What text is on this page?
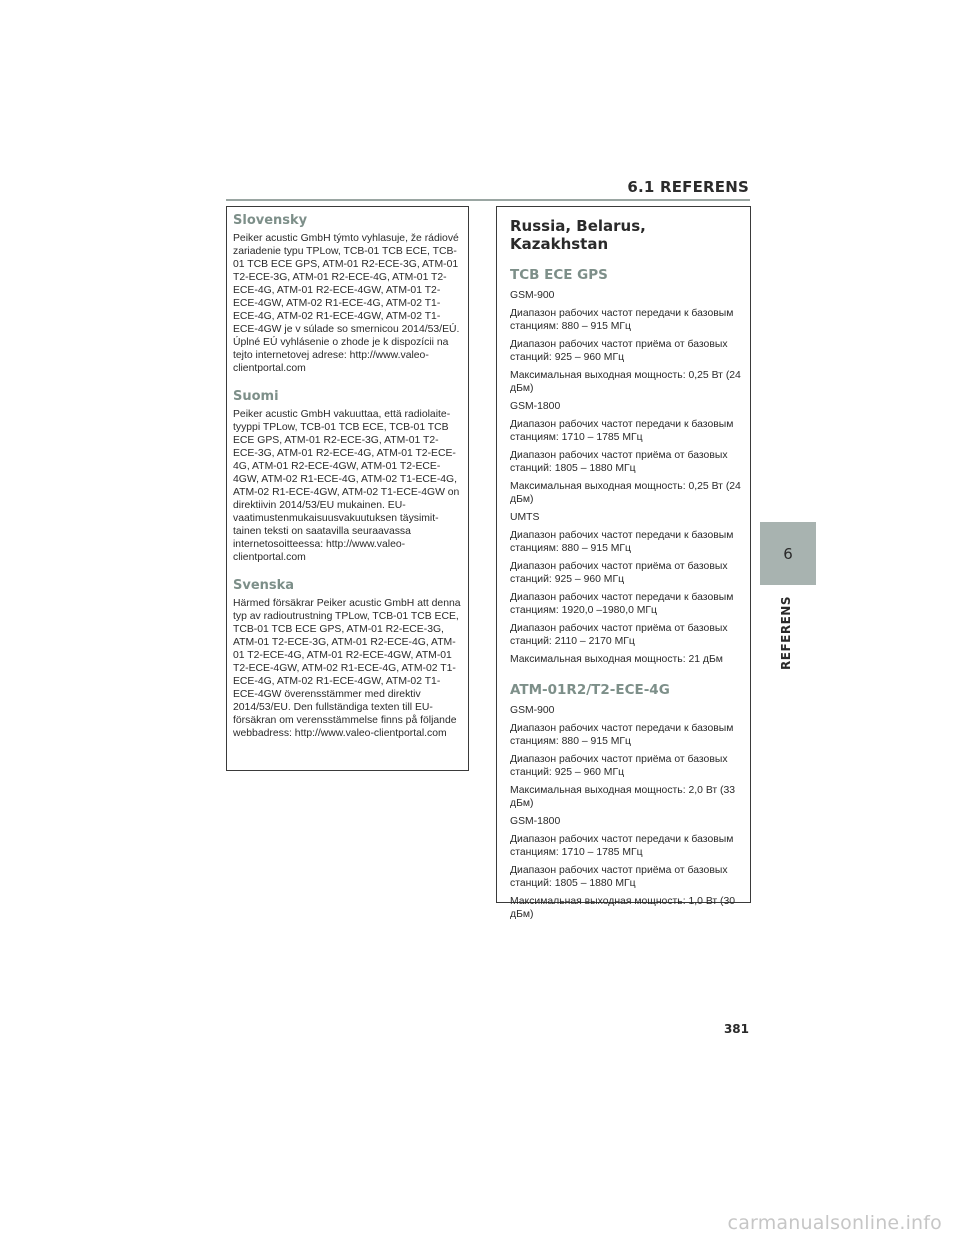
6.1 REFERENS
Slovensky

Peiker acustic GmbH týmto vyhlasuje, že rádiové zariadenie typu TPLow, TCB-01 TCB ECE, TCB-01 TCB ECE GPS, ATM-01 R2-ECE-3G, ATM-01 T2-ECE-3G, ATM-01 R2-ECE-4G, ATM-01 T2-ECE-4G, ATM-01 R2-ECE-4GW, ATM-01 T2-ECE-4GW, ATM-02 R1-ECE-4G, ATM-02 T1-ECE-4G, ATM-02 R1-ECE-4GW, ATM-02 T1-ECE-4GW je v súlade so smernicou 2014/53/EÚ. Úplné EÚ vyhlásenie o zhode je k dispozícii na tejto internetovej adrese: http://www.valeo-clientportal.com

Suomi

Peiker acustic GmbH vakuuttaa, että radiolaite-tyyppi TPLow, TCB-01 TCB ECE, TCB-01 TCB ECE GPS, ATM-01 R2-ECE-3G, ATM-01 T2-ECE-3G, ATM-01 R2-ECE-4G, ATM-01 T2-ECE-4G, ATM-01 R2-ECE-4GW, ATM-01 T2-ECE-4GW, ATM-02 R1-ECE-4G, ATM-02 T1-ECE-4G, ATM-02 R1-ECE-4GW, ATM-02 T1-ECE-4GW on direktiivin 2014/53/EU mukainen. EU-vaatimustenmukaisuusvakuutuksen täysimit-tainen teksti on saatavilla seuraavassa internetosoitteessa: http://www.valeo-clientportal.com

Svenska

Härmed försäkrar Peiker acustic GmbH att denna typ av radioutrustning TPLow, TCB-01 TCB ECE, TCB-01 TCB ECE GPS, ATM-01 R2-ECE-3G, ATM-01 T2-ECE-3G, ATM-01 R2-ECE-4G, ATM-01 T2-ECE-4G, ATM-01 R2-ECE-4GW, ATM-01 T2-ECE-4GW, ATM-02 R1-ECE-4G, ATM-02 T1-ECE-4G, ATM-02 R1-ECE-4GW, ATM-02 T1-ECE-4GW överensstämmer med direktiv 2014/53/EU. Den fullständiga texten till EU-försäkran om verensstämmelse finns på följande webbadress: http://www.valeo-clientportal.com

Russia, Belarus, Kazakhstan
TCB ECE GPS

GSM-900

Диапазон рабочих частот передачи к базовым станциям: 880 – 915 МГц

Диапазон рабочих частот приёма от базовых станций: 925 – 960 МГц

Максимальная выходная мощность: 0,25 Вт (24 дБм)

GSM-1800

Диапазон рабочих частот передачи к базовым станциям: 1710 – 1785 МГц

Диапазон рабочих частот приёма от базовых станций: 1805 – 1880 МГц

Максимальная выходная мощность: 0,25 Вт (24 дБм)

UMTS

Диапазон рабочих частот передачи к базовым станциям: 880 – 915 МГц

Диапазон рабочих частот приёма от базовых станций: 925 – 960 МГц

Диапазон рабочих частот передачи к базовым станциям: 1920,0 –1980,0 МГц

Диапазон рабочих частот приёма от базовых станций: 2110 – 2170 МГц

Максимальная выходная мощность: 21 дБм

ATM-01R2/T2-ECE-4G

GSM-900

Диапазон рабочих частот передачи к базовым станциям: 880 – 915 МГц

Диапазон рабочих частот приёма от базовых станций: 925 – 960 МГц

Максимальная выходная мощность: 2,0 Вт (33 дБм)

GSM-1800

Диапазон рабочих частот передачи к базовым станциям: 1710 – 1785 МГц

Диапазон рабочих частот приёма от базовых станций: 1805 – 1880 МГц

Максимальная выходная мощность: 1,0 Вт (30 дБм)

6
REFERENS
381
carmanualsonline.info
